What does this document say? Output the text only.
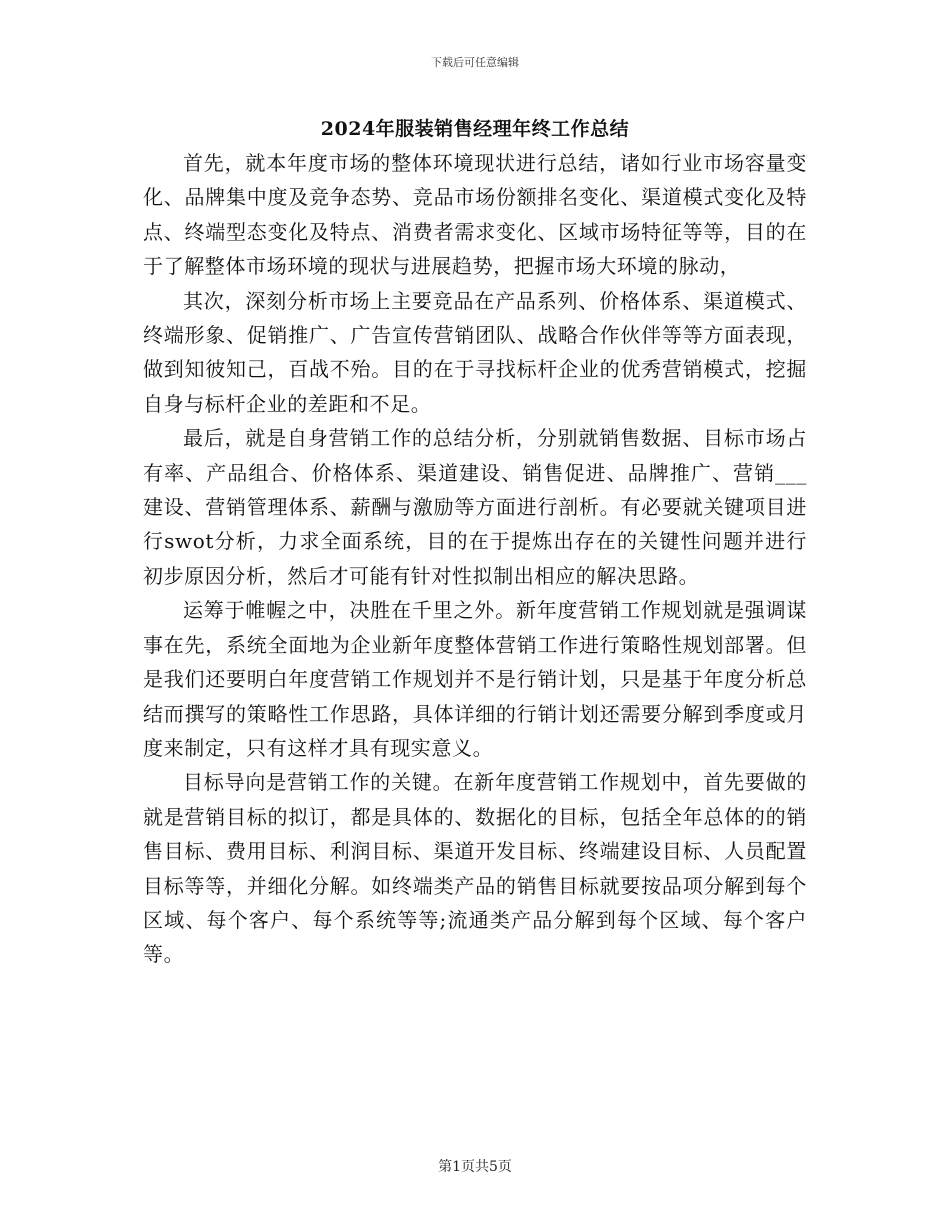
下载后可任意编辑
2024年服装销售经理年终工作总结

首先，就本年度市场的整体环境现状进行总结，诸如行业市场容量变化、品牌集中度及竞争态势、竞品市场份额排名变化、渠道模式变化及特点、终端型态变化及特点、消费者需求变化、区域市场特征等等，目的在于了解整体市场环境的现状与进展趋势，把握市场大环境的脉动，

其次，深刻分析市场上主要竞品在产品系列、价格体系、渠道模式、终端形象、促销推广、广告宣传营销团队、战略合作伙伴等等方面表现，做到知彼知己，百战不殆。目的在于寻找标杆企业的优秀营销模式，挖掘自身与标杆企业的差距和不足。

最后，就是自身营销工作的总结分析，分别就销售数据、目标市场占有率、产品组合、价格体系、渠道建设、销售促进、品牌推广、营销___建设、营销管理体系、薪酬与激励等方面进行剖析。有必要就关键项目进行swot分析，力求全面系统，目的在于提炼出存在的关键性问题并进行初步原因分析，然后才可能有针对性拟制出相应的解决思路。

运筹于帷幄之中，决胜在千里之外。新年度营销工作规划就是强调谋事在先，系统全面地为企业新年度整体营销工作进行策略性规划部署。但是我们还要明白年度营销工作规划并不是行销计划，只是基于年度分析总结而撰写的策略性工作思路，具体详细的行销计划还需要分解到季度或月度来制定，只有这样才具有现实意义。

目标导向是营销工作的关键。在新年度营销工作规划中，首先要做的就是营销目标的拟订，都是具体的、数据化的目标，包括全年总体的的销售目标、费用目标、利润目标、渠道开发目标、终端建设目标、人员配置目标等等，并细化分解。如终端类产品的销售目标就要按品项分解到每个区域、每个客户、每个系统等等;流通类产品分解到每个区域、每个客户等。

第1页共5页
